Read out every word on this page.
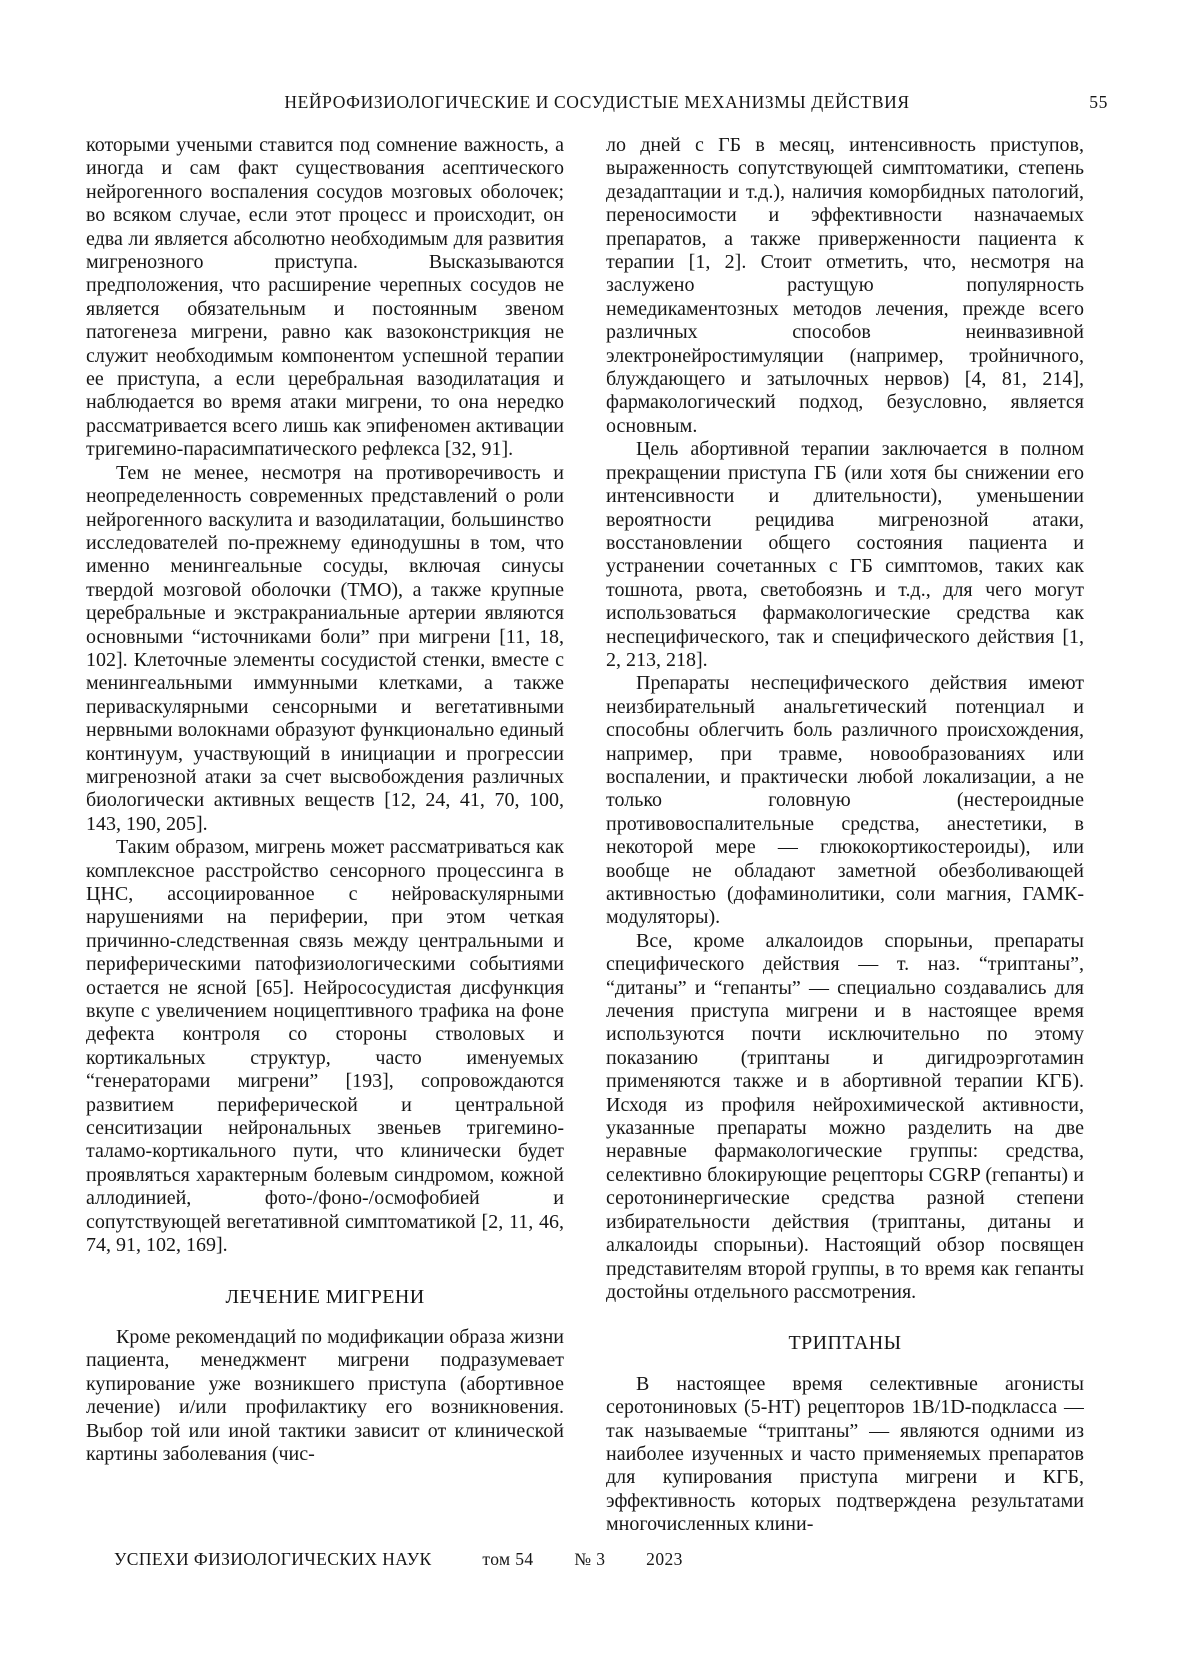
НЕЙРОФИЗИОЛОГИЧЕСКИЕ И СОСУДИСТЫЕ МЕХАНИЗМЫ ДЕЙСТВИЯ	55

которыми учеными ставится под сомнение важность, а иногда и сам факт существования асептического нейрогенного воспаления сосудов мозговых оболочек; во всяком случае, если этот процесс и происходит, он едва ли является абсолютно необходимым для развития мигренозного приступа. Высказываются предположения, что расширение черепных сосудов не является обязательным и постоянным звеном патогенеза мигрени, равно как вазоконстрикция не служит необходимым компонентом успешной терапии ее приступа, а если церебральная вазодилатация и наблюдается во время атаки мигрени, то она нередко рассматривается всего лишь как эпифеномен активации тригемино-парасимпатического рефлекса [32, 91].

Тем не менее, несмотря на противоречивость и неопределенность современных представлений о роли нейрогенного васкулита и вазодилатации, большинство исследователей по-прежнему единодушны в том, что именно менингеальные сосуды, включая синусы твердой мозговой оболочки (ТМО), а также крупные церебральные и экстракраниальные артерии являются основными “источниками боли” при мигрени [11, 18, 102]. Клеточные элементы сосудистой стенки, вместе с менингеальными иммунными клетками, а также периваскулярными сенсорными и вегетативными нервными волокнами образуют функционально единый континуум, участвующий в инициации и прогрессии мигренозной атаки за счет высвобождения различных биологически активных веществ [12, 24, 41, 70, 100, 143, 190, 205].

Таким образом, мигрень может рассматриваться как комплексное расстройство сенсорного процессинга в ЦНС, ассоциированное с нейроваскулярными нарушениями на периферии, при этом четкая причинно-следственная связь между центральными и периферическими патофизиологическими событиями остается не ясной [65]. Нейрососудистая дисфункция вкупе с увеличением ноцицептивного трафика на фоне дефекта контроля со стороны стволовых и кортикальных структур, часто именуемых “генераторами мигрени” [193], сопровождаются развитием периферической и центральной сенситизации нейрональных звеньев тригемино-таламо-кортикального пути, что клинически будет проявляться характерным болевым синдромом, кожной аллодинией, фото-/фоно-/осмофобией и сопутствующей вегетативной симптоматикой [2, 11, 46, 74, 91, 102, 169].

ЛЕЧЕНИЕ МИГРЕНИ

Кроме рекомендаций по модификации образа жизни пациента, менеджмент мигрени подразумевает купирование уже возникшего приступа (абортивное лечение) и/или профилактику его возникновения. Выбор той или иной тактики зависит от клинической картины заболевания (чис-

ло дней с ГБ в месяц, интенсивность приступов, выраженность сопутствующей симптоматики, степень дезадаптации и т.д.), наличия коморбидных патологий, переносимости и эффективности назначаемых препаратов, а также приверженности пациента к терапии [1, 2]. Стоит отметить, что, несмотря на заслужено растущую популярность немедикаментозных методов лечения, прежде всего различных способов неинвазивной электронейростимуляции (например, тройничного, блуждающего и затылочных нервов) [4, 81, 214], фармакологический подход, безусловно, является основным.

Цель абортивной терапии заключается в полном прекращении приступа ГБ (или хотя бы снижении его интенсивности и длительности), уменьшении вероятности рецидива мигренозной атаки, восстановлении общего состояния пациента и устранении сочетанных с ГБ симптомов, таких как тошнота, рвота, светобоязнь и т.д., для чего могут использоваться фармакологические средства как неспецифического, так и специфического действия [1, 2, 213, 218].

Препараты неспецифического действия имеют неизбирательный анальгетический потенциал и способны облегчить боль различного происхождения, например, при травме, новообразованиях или воспалении, и практически любой локализации, а не только головную (нестероидные противовоспалительные средства, анестетики, в некоторой мере — глюкокортикостероиды), или вообще не обладают заметной обезболивающей активностью (дофаминолитики, соли магния, ГАМК-модуляторы).

Все, кроме алкалоидов спорыньи, препараты специфического действия — т. наз. “триптаны”, “дитаны” и “гепанты” — специально создавались для лечения приступа мигрени и в настоящее время используются почти исключительно по этому показанию (триптаны и дигидроэрготамин применяются также и в абортивной терапии КГБ). Исходя из профиля нейрохимической активности, указанные препараты можно разделить на две неравные фармакологические группы: средства, селективно блокирующие рецепторы CGRP (гепанты) и серотонинергические средства разной степени избирательности действия (триптаны, дитаны и алкалоиды спорыньи). Настоящий обзор посвящен представителям второй группы, в то время как гепанты достойны отдельного рассмотрения.

ТРИПТАНЫ

В настоящее время селективные агонисты серотониновых (5-НТ) рецепторов 1B/1D-подкласса — так называемые “триптаны” — являются одними из наиболее изученных и часто применяемых препаратов для купирования приступа мигрени и КГБ, эффективность которых подтверждена результатами многочисленных клини-

УСПЕХИ ФИЗИОЛОГИЧЕСКИХ НАУК	том 54 № 3 2023
